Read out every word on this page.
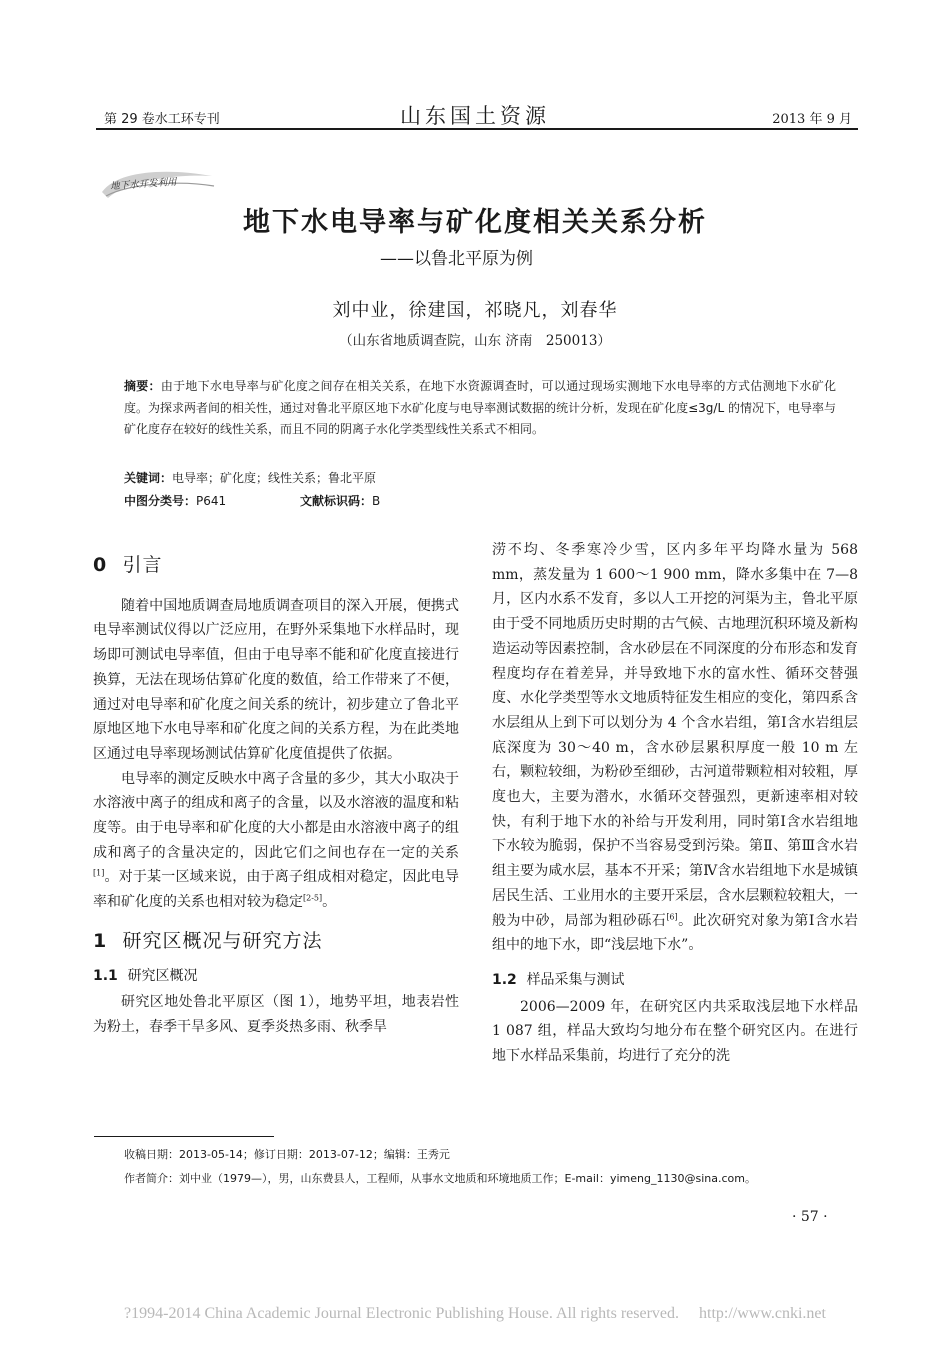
第 29 卷水工环专刊	山东国土资源	2013 年 9 月
地下水开发利用
地下水电导率与矿化度相关关系分析
——以鲁北平原为例
刘中业，徐建国，祁晓凡，刘春华
（山东省地质调查院，山东 济南　250013）
摘要：由于地下水电导率与矿化度之间存在相关关系，在地下水资源调查时，可以通过现场实测地下水电导率的方式估测地下水矿化度。为探求两者间的相关性，通过对鲁北平原区地下水矿化度与电导率测试数据的统计分析，发现在矿化度≤3g/L 的情况下，电导率与矿化度存在较好的线性关系，而且不同的阴离子水化学类型线性关系式不相同。
关键词：电导率；矿化度；线性关系；鲁北平原
中图分类号：P641	文献标识码：B
0 引言

随着中国地质调查局地质调查项目的深入开展，便携式电导率测试仪得以广泛应用，在野外采集地下水样品时，现场即可测试电导率值，但由于电导率不能和矿化度直接进行换算，无法在现场估算矿化度的数值，给工作带来了不便，通过对电导率和矿化度之间关系的统计，初步建立了鲁北平原地区地下水电导率和矿化度之间的关系方程，为在此类地区通过电导率现场测试估算矿化度值提供了依据。

电导率的测定反映水中离子含量的多少，其大小取决于水溶液中离子的组成和离子的含量，以及水溶液的温度和粘度等。由于电导率和矿化度的大小都是由水溶液中离子的组成和离子的含量决定的，因此它们之间也存在一定的关系[1]。对于某一区域来说，由于离子组成相对稳定，因此电导率和矿化度的关系也相对较为稳定[2-5]。

1 研究区概况与研究方法
1.1 研究区概况

研究区地处鲁北平原区（图 1），地势平坦，地表岩性为粉土，春季干旱多风、夏季炎热多雨、秋季旱

涝不均、冬季寒冷少雪，区内多年平均降水量为 568 mm，蒸发量为 1 600～1 900 mm，降水多集中在 7—8 月，区内水系不发育，多以人工开挖的河渠为主，鲁北平原由于受不同地质历史时期的古气候、古地理沉积环境及新构造运动等因素控制，含水砂层在不同深度的分布形态和发育程度均存在着差异，并导致地下水的富水性、循环交替强度、水化学类型等水文地质特征发生相应的变化，第四系含水层组从上到下可以划分为 4 个含水岩组，第Ⅰ含水岩组层底深度为 30～40 m，含水砂层累积厚度一般 10 m 左右，颗粒较细，为粉砂至细砂，古河道带颗粒相对较粗，厚度也大，主要为潜水，水循环交替强烈，更新速率相对较快，有利于地下水的补给与开发利用，同时第Ⅰ含水岩组地下水较为脆弱，保护不当容易受到污染。第Ⅱ、第Ⅲ含水岩组主要为咸水层，基本不开采；第Ⅳ含水岩组地下水是城镇居民生活、工业用水的主要开采层，含水层颗粒较粗大，一般为中砂，局部为粗砂砾石[6]。此次研究对象为第Ⅰ含水岩组中的地下水，即“浅层地下水”。

1.2 样品采集与测试

2006—2009 年，在研究区内共采取浅层地下水样品 1 087 组，样品大致均匀地分布在整个研究区内。在进行地下水样品采集前，均进行了充分的洗

收稿日期：2013-05-14；修订日期：2013-07-12；编辑：王秀元
作者简介：刘中业（1979—），男，山东费县人，工程师，从事水文地质和环境地质工作；E-mail：yimeng_1130@sina.com。
· 57 ·
?1994-2014 China Academic Journal Electronic Publishing House. All rights reserved.　 http://www.cnki.net
